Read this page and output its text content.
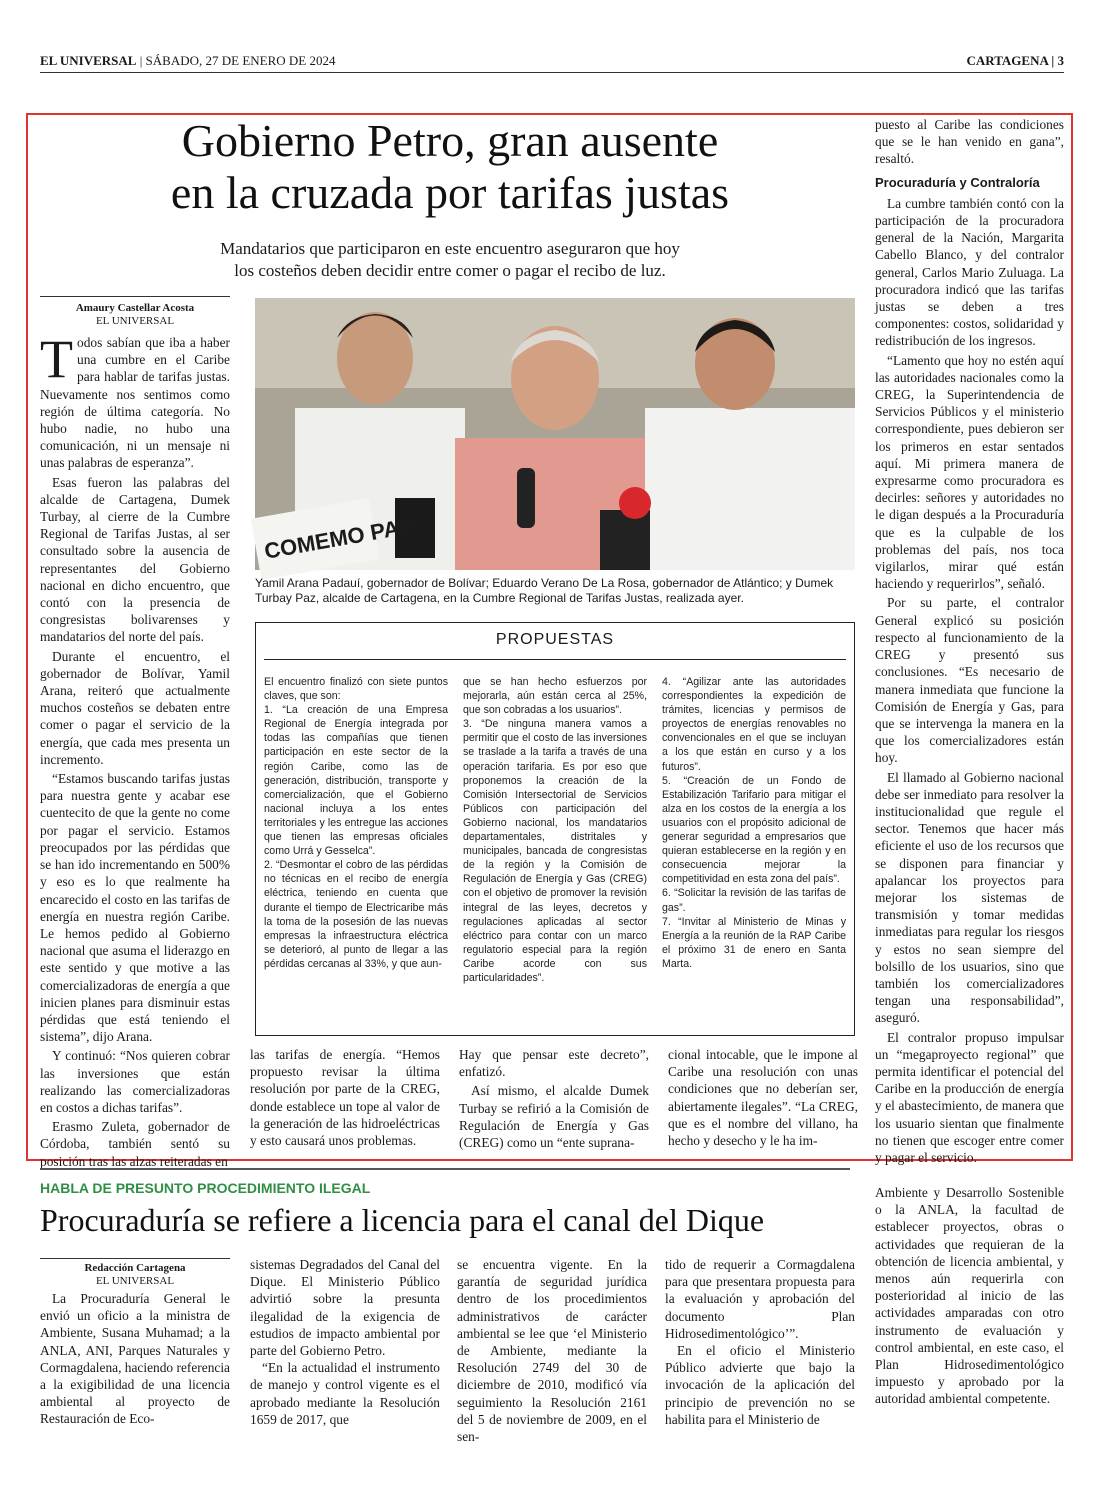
EL UNIVERSAL | SÁBADO, 27 DE ENERO DE 2024	CARTAGENA | 3
Gobierno Petro, gran ausente
en la cruzada por tarifas justas
Mandatarios que participaron en este encuentro aseguraron que hoy
los costeños deben decidir entre comer o pagar el recibo de luz.
Amaury Castellar Acosta
EL UNIVERSAL

Todos sabían que iba a haber una cumbre en el Caribe para hablar de tarifas justas. Nuevamente nos sentimos como región de última categoría. No hubo nadie, no hubo una comunicación, ni un mensaje ni unas palabras de esperanza”.

Esas fueron las palabras del alcalde de Cartagena, Dumek Turbay, al cierre de la Cumbre Regional de Tarifas Justas, al ser consultado sobre la ausencia de representantes del Gobierno nacional en dicho encuentro, que contó con la presencia de congresistas bolivarenses y mandatarios del norte del país.

Durante el encuentro, el gobernador de Bolívar, Yamil Arana, reiteró que actualmente muchos costeños se debaten entre comer o pagar el servicio de la energía, que cada mes presenta un incremento.

“Estamos buscando tarifas justas para nuestra gente y acabar ese cuentecito de que la gente no come por pagar el servicio. Estamos preocupados por las pérdidas que se han ido incrementando en 500% y eso es lo que realmente ha encarecido el costo en las tarifas de energía en nuestra región Caribe. Le hemos pedido al Gobierno nacional que asuma el liderazgo en este sentido y que motive a las comercializadoras de energía a que inicien planes para disminuir estas pérdidas que está teniendo el sistema”, dijo Arana.

Y continuó: “Nos quieren cobrar las inversiones que están realizando las comercializadoras en costos a dichas tarifas”.

Erasmo Zuleta, gobernador de Córdoba, también sentó su posición tras las alzas reiteradas en

COMEMO PAG
Yamil Arana Padauí, gobernador de Bolívar; Eduardo Verano De La Rosa, gobernador de Atlántico; y Dumek Turbay Paz, alcalde de Cartagena, en la Cumbre Regional de Tarifas Justas, realizada ayer.
PROPUESTAS

El encuentro finalizó con siete puntos claves, que son:

1. “La creación de una Empresa Regional de Energía integrada por todas las compañías que tienen participación en este sector de la región Caribe, como las de generación, distribución, transporte y comercialización, que el Gobierno nacional incluya a los entes territoriales y les entregue las acciones que tienen las empresas oficiales como Urrá y Gesselca”.

2. “Desmontar el cobro de las pérdidas no técnicas en el recibo de energía eléctrica, teniendo en cuenta que durante el tiempo de Electricaribe más la toma de la posesión de las nuevas empresas la infraestructura eléctrica se deterioró, al punto de llegar a las pérdidas cercanas al 33%, y que aun-

que se han hecho esfuerzos por mejorarla, aún están cerca al 25%, que son cobradas a los usuarios”.

3. “De ninguna manera vamos a permitir que el costo de las inversiones se traslade a la tarifa a través de una operación tarifaria. Es por eso que proponemos la creación de la Comisión Intersectorial de Servicios Públicos con participación del Gobierno nacional, los mandatarios departamentales, distritales y municipales, bancada de congresistas de la región y la Comisión de Regulación de Energía y Gas (CREG) con el objetivo de promover la revisión integral de las leyes, decretos y regulaciones aplicadas al sector eléctrico para contar con un marco regulatorio especial para la región Caribe acorde con sus particularidades”.

4. “Agilizar ante las autoridades correspondientes la expedición de trámites, licencias y permisos de proyectos de energías renovables no convencionales en el que se incluyan a los que están en curso y a los futuros”.

5. “Creación de un Fondo de Estabilización Tarifario para mitigar el alza en los costos de la energía a los usuarios con el propósito adicional de generar seguridad a empresarios que quieran establecerse en la región y en consecuencia mejorar la competitividad en esta zona del país”.

6. “Solicitar la revisión de las tarifas de gas”.

7. “Invitar al Ministerio de Minas y Energía a la reunión de la RAP Caribe el próximo 31 de enero en Santa Marta.

las tarifas de energía. “Hemos propuesto revisar la última resolución por parte de la CREG, donde establece un tope al valor de la generación de las hidroeléctricas y esto causará unos problemas.

Hay que pensar este decreto”, enfatizó.

Así mismo, el alcalde Dumek Turbay se refirió a la Comisión de Regulación de Energía y Gas (CREG) como un “ente suprana-

cional intocable, que le impone al Caribe una resolución con unas condiciones que no deberían ser, abiertamente ilegales”. “La CREG, que es el nombre del villano, ha hecho y desecho y le ha im-

puesto al Caribe las condiciones que se le han venido en gana”, resaltó.

Procuraduría y Contraloría

La cumbre también contó con la participación de la procuradora general de la Nación, Margarita Cabello Blanco, y del contralor general, Carlos Mario Zuluaga. La procuradora indicó que las tarifas justas se deben a tres componentes: costos, solidaridad y redistribución de los ingresos.

“Lamento que hoy no estén aquí las autoridades nacionales como la CREG, la Superintendencia de Servicios Públicos y el ministerio correspondiente, pues debieron ser los primeros en estar sentados aquí. Mi primera manera de expresarme como procuradora es decirles: señores y autoridades no le digan después a la Procuraduría que es la culpable de los problemas del país, nos toca vigilarlos, mirar qué están haciendo y requerirlos”, señaló.

Por su parte, el contralor General explicó su posición respecto al funcionamiento de la CREG y presentó sus conclusiones. “Es necesario de manera inmediata que funcione la Comisión de Energía y Gas, para que se intervenga la manera en la que los comercializadores están hoy.

El llamado al Gobierno nacional debe ser inmediato para resolver la institucionalidad que regule el sector. Tenemos que hacer más eficiente el uso de los recursos que se disponen para financiar y apalancar los proyectos para mejorar los sistemas de transmisión y tomar medidas inmediatas para regular los riesgos y estos no sean siempre del bolsillo de los usuarios, sino que también los comercializadores tengan una responsabilidad”, aseguró.

El contralor propuso impulsar un “megaproyecto regional” que permita identificar el potencial del Caribe en la producción de energía y el abastecimiento, de manera que los usuario sientan que finalmente no tienen que escoger entre comer y pagar el servicio.

HABLA DE PRESUNTO PROCEDIMIENTO ILEGAL
Procuraduría se refiere a licencia para el canal del Dique
Redacción Cartagena
EL UNIVERSAL

La Procuraduría General le envió un oficio a la ministra de Ambiente, Susana Muhamad; a la ANLA, ANI, Parques Naturales y Cormagdalena, haciendo referencia a la exigibilidad de una licencia ambiental al proyecto de Restauración de Eco-

sistemas Degradados del Canal del Dique. El Ministerio Público advirtió sobre la presunta ilegalidad de la exigencia de estudios de impacto ambiental por parte del Gobierno Petro.

“En la actualidad el instrumento de manejo y control vigente es el aprobado mediante la Resolución 1659 de 2017, que

se encuentra vigente. En la garantía de seguridad jurídica dentro de los procedimientos administrativos de carácter ambiental se lee que ‘el Ministerio de Ambiente, mediante la Resolución 2749 del 30 de diciembre de 2010, modificó vía seguimiento la Resolución 2161 del 5 de noviembre de 2009, en el sen-

tido de requerir a Cormagdalena para que presentara propuesta para la evaluación y aprobación del documento Plan Hidrosedimentológico’”.

En el oficio el Ministerio Público advierte que bajo la invocación de la aplicación del principio de prevención no se habilita para el Ministerio de

Ambiente y Desarrollo Sostenible o la ANLA, la facultad de establecer proyectos, obras o actividades que requieran de la obtención de licencia ambiental, y menos aún requerirla con posterioridad al inicio de las actividades amparadas con otro instrumento de evaluación y control ambiental, en este caso, el Plan Hidrosedimentológico impuesto y aprobado por la autoridad ambiental competente.
